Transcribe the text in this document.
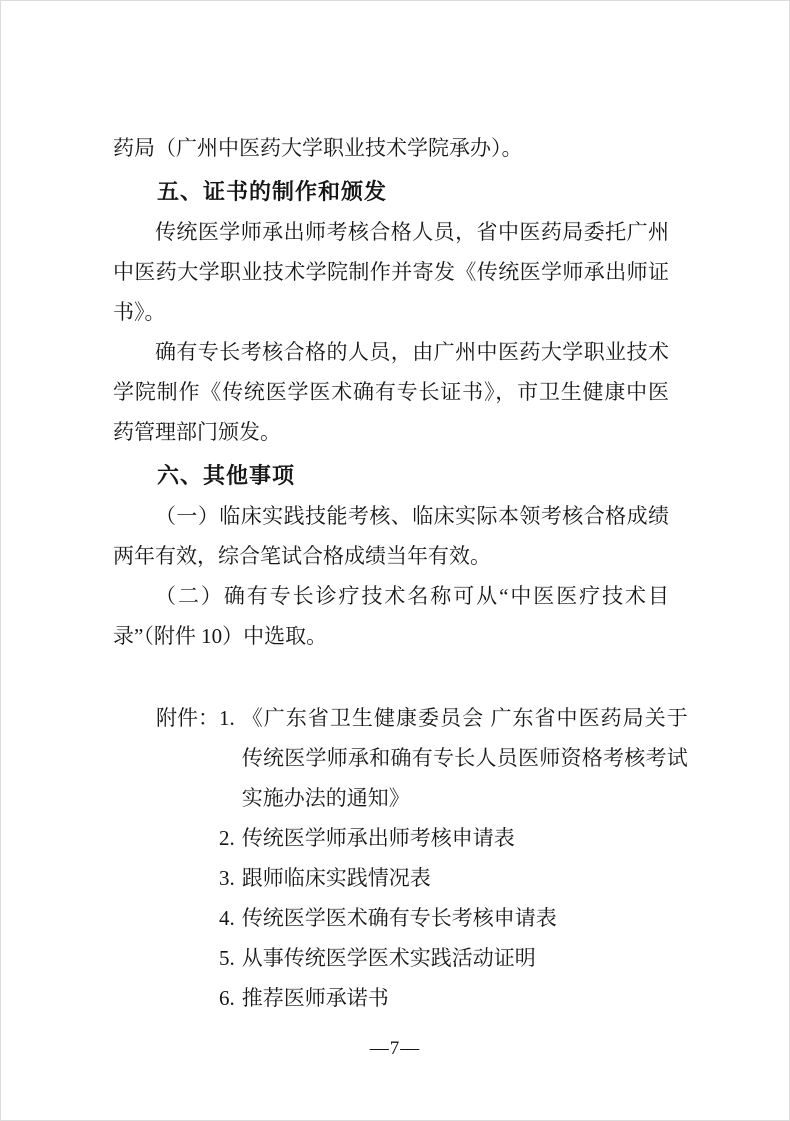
药局（广州中医药大学职业技术学院承办）。

五、证书的制作和颁发

传统医学师承出师考核合格人员，省中医药局委托广州中医药大学职业技术学院制作并寄发《传统医学师承出师证书》。

确有专长考核合格的人员，由广州中医药大学职业技术学院制作《传统医学医术确有专长证书》，市卫生健康中医药管理部门颁发。

六、其他事项

（一）临床实践技能考核、临床实际本领考核合格成绩两年有效，综合笔试合格成绩当年有效。

（二）确有专长诊疗技术名称可从“中医医疗技术目录”（附件 10）中选取。

附件： 1. 《广东省卫生健康委员会 广东省中医药局关于传统医学师承和确有专长人员医师资格考核考试实施办法的通知》
2. 传统医学师承出师考核申请表
3. 跟师临床实践情况表
4. 传统医学医术确有专长考核申请表
5. 从事传统医学医术实践活动证明
6. 推荐医师承诺书
—7—
